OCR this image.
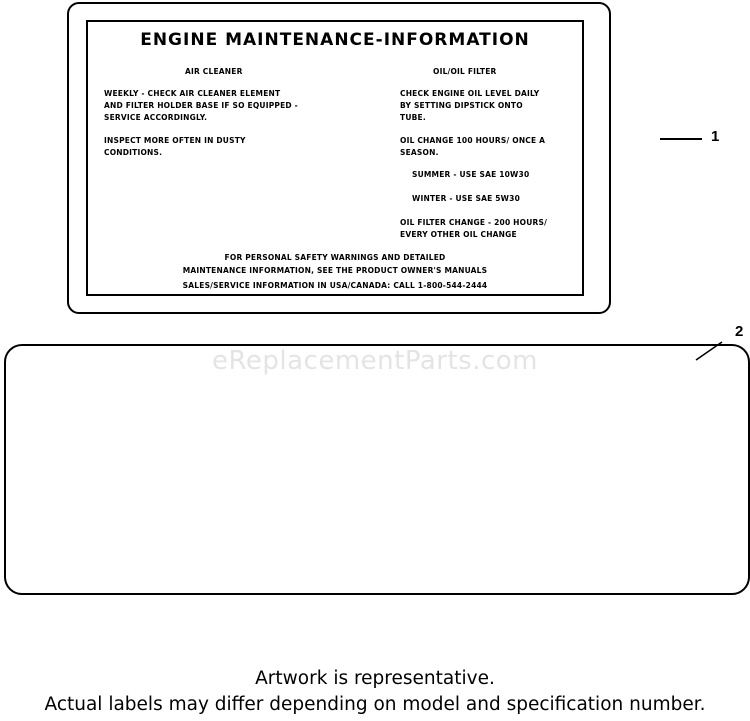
eReplacementParts.com
ENGINE MAINTENANCE-INFORMATION
AIR CLEANER
WEEKLY - CHECK AIR CLEANER ELEMENT
AND FILTER HOLDER BASE IF SO EQUIPPED -
SERVICE ACCORDINGLY.
INSPECT MORE OFTEN IN DUSTY
CONDITIONS.
OIL/OIL FILTER
CHECK ENGINE OIL LEVEL DAILY
BY SETTING DIPSTICK ONTO
TUBE.
OIL CHANGE 100 HOURS/ ONCE A
SEASON.
SUMMER - USE SAE 10W30
WINTER - USE SAE 5W30
OIL FILTER CHANGE - 200 HOURS/
EVERY OTHER OIL CHANGE
FOR PERSONAL SAFETY WARNINGS AND DETAILED
MAINTENANCE INFORMATION, SEE THE PRODUCT OWNER'S MANUALS
SALES/SERVICE INFORMATION IN USA/CANADA: CALL 1-800-544-2444
1
2
Artwork is representative.
Actual labels may differ depending on model and specification number.
